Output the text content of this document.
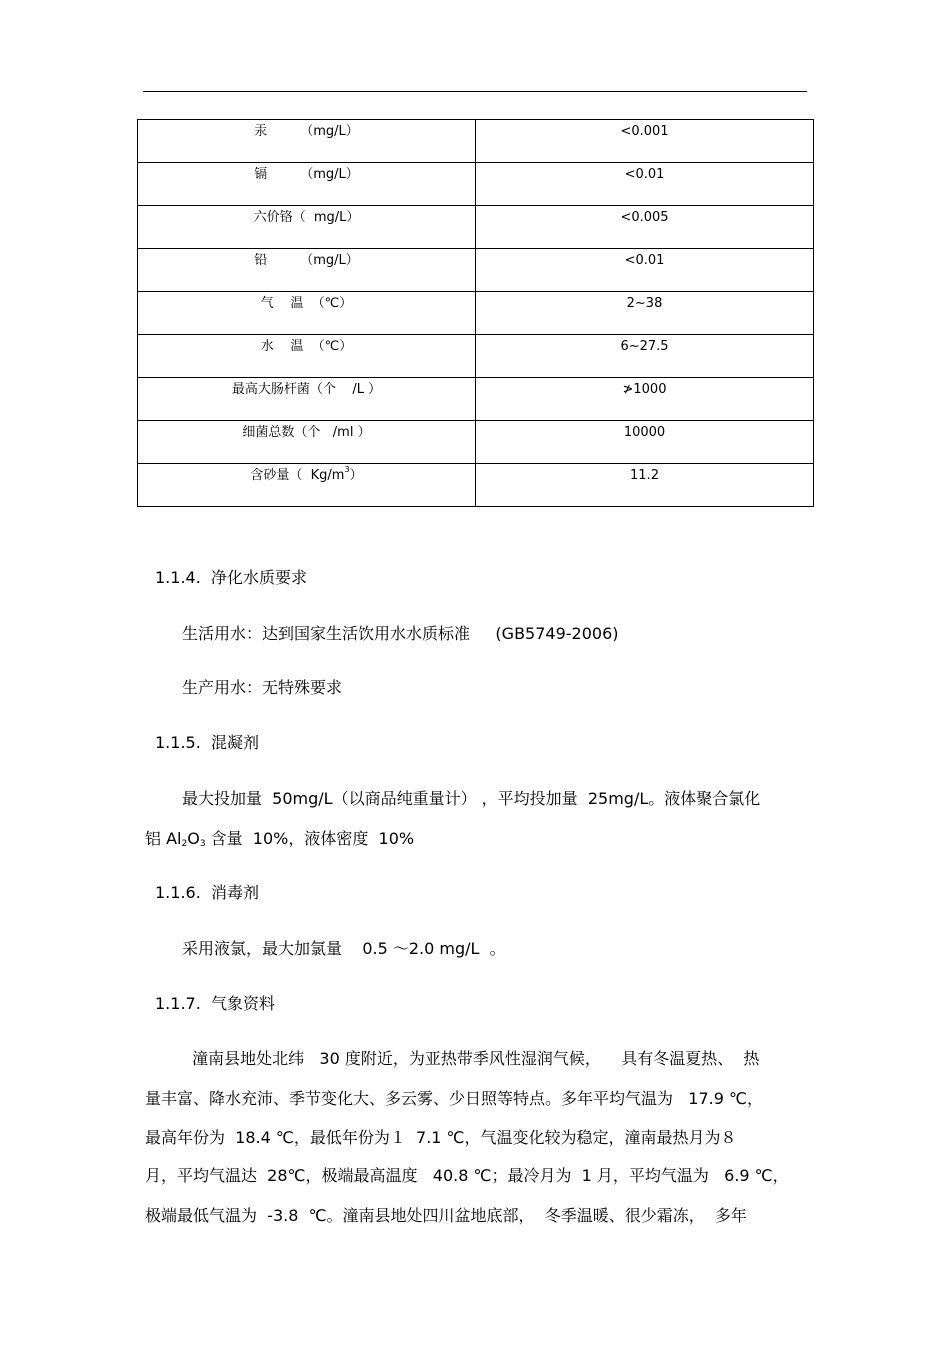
汞        （mg/L）	<0.001
镉        （mg/L）	<0.01
六价铬（  mg/L）	<0.005
铅        （mg/L）	<0.01
气    温  （℃）	2~38
水    温  （℃）	6~27.5
最高大肠杆菌（个    /L ）	≯1000
细菌总数（个   /ml ）	10000
含砂量（  $Kg/m^3$）	11.2
1.1.4.  净化水质要求
生活用水：达到国家生活饮用水水质标准     (GB5749-2006)
生产用水：无特殊要求
1.1.5.  混凝剂
最大投加量  50mg/L（以商品纯重量计） ，平均投加量  25mg/L。液体聚合氯化
铝 $Al_2O_3$ 含量  10%，液体密度  10%
1.1.6.  消毒剂
采用液氯，最大加氯量    0.5 ～2.0 mg/L  。
1.1.7.  气象资料
潼南县地处北纬   30 度附近，为亚热带季风性湿润气候，    具有冬温夏热、  热
量丰富、降水充沛、季节变化大、多云雾、少日照等特点。多年平均气温为   17.9 ℃，
最高年份为  18.4 ℃，最低年份为１  7.1 ℃，气温变化较为稳定，潼南最热月为８
月，平均气温达  28℃，极端最高温度   40.8 ℃；最冷月为  1 月，平均气温为   6.9 ℃，
极端最低气温为  -3.8  ℃。潼南县地处四川盆地底部，  冬季温暖、很少霜冻，  多年
